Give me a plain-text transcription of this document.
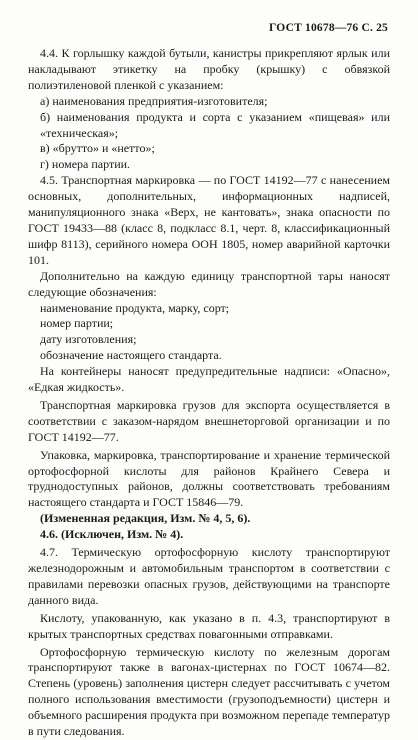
ГОСТ 10678—76 С. 25

4.4. К горлышку каждой бутыли, канистры прикрепляют ярлык или накладывают этикетку на пробку (крышку) с обвязкой полиэтиленовой пленкой с указанием:

а) наименования предприятия-изготовителя;

б) наименования продукта и сорта с указанием «пищевая» или «техническая»;

в) «брутто» и «нетто»;

г) номера партии.

4.5. Транспортная маркировка — по ГОСТ 14192—77 с нанесением основных, дополнительных, информационных надписей, манипуляционного знака «Верх, не кантовать», знака опасности по ГОСТ 19433—88 (класс 8, подкласс 8.1, черт. 8, классификационный шифр 8113), серийного номера ООН 1805, номер аварийной карточки 101.

Дополнительно на каждую единицу транспортной тары наносят следующие обозначения:

наименование продукта, марку, сорт;

номер партии;

дату изготовления;

обозначение настоящего стандарта.

На контейнеры наносят предупредительные надписи: «Опасно», «Едкая жидкость».

Транспортная маркировка грузов для экспорта осуществляется в соответствии с заказом-нарядом внешнеторговой организации и по ГОСТ 14192—77.

Упаковка, маркировка, транспортирование и хранение термической ортофосфорной кислоты для районов Крайнего Севера и труднодоступных районов, должны соответствовать требованиям настоящего стандарта и ГОСТ 15846—79.

(Измененная редакция, Изм. № 4, 5, 6).

4.6. (Исключен, Изм. № 4).

4.7. Термическую ортофосфорную кислоту транспортируют железнодорожным и автомобильным транспортом в соответствии с правилами перевозки опасных грузов, действующими на транспорте данного вида.

Кислоту, упакованную, как указано в п. 4.3, транспортируют в крытых транспортных средствах повагонными отправками.

Ортофосфорную термическую кислоту по железным дорогам транспортируют также в вагонах-цистернах по ГОСТ 10674—82. Степень (уровень) заполнения цистерн следует рассчитывать с учетом полного использования вместимости (грузоподъемности) цистерн и объемного расширения продукта при возможном перепаде температур в пути следования.
